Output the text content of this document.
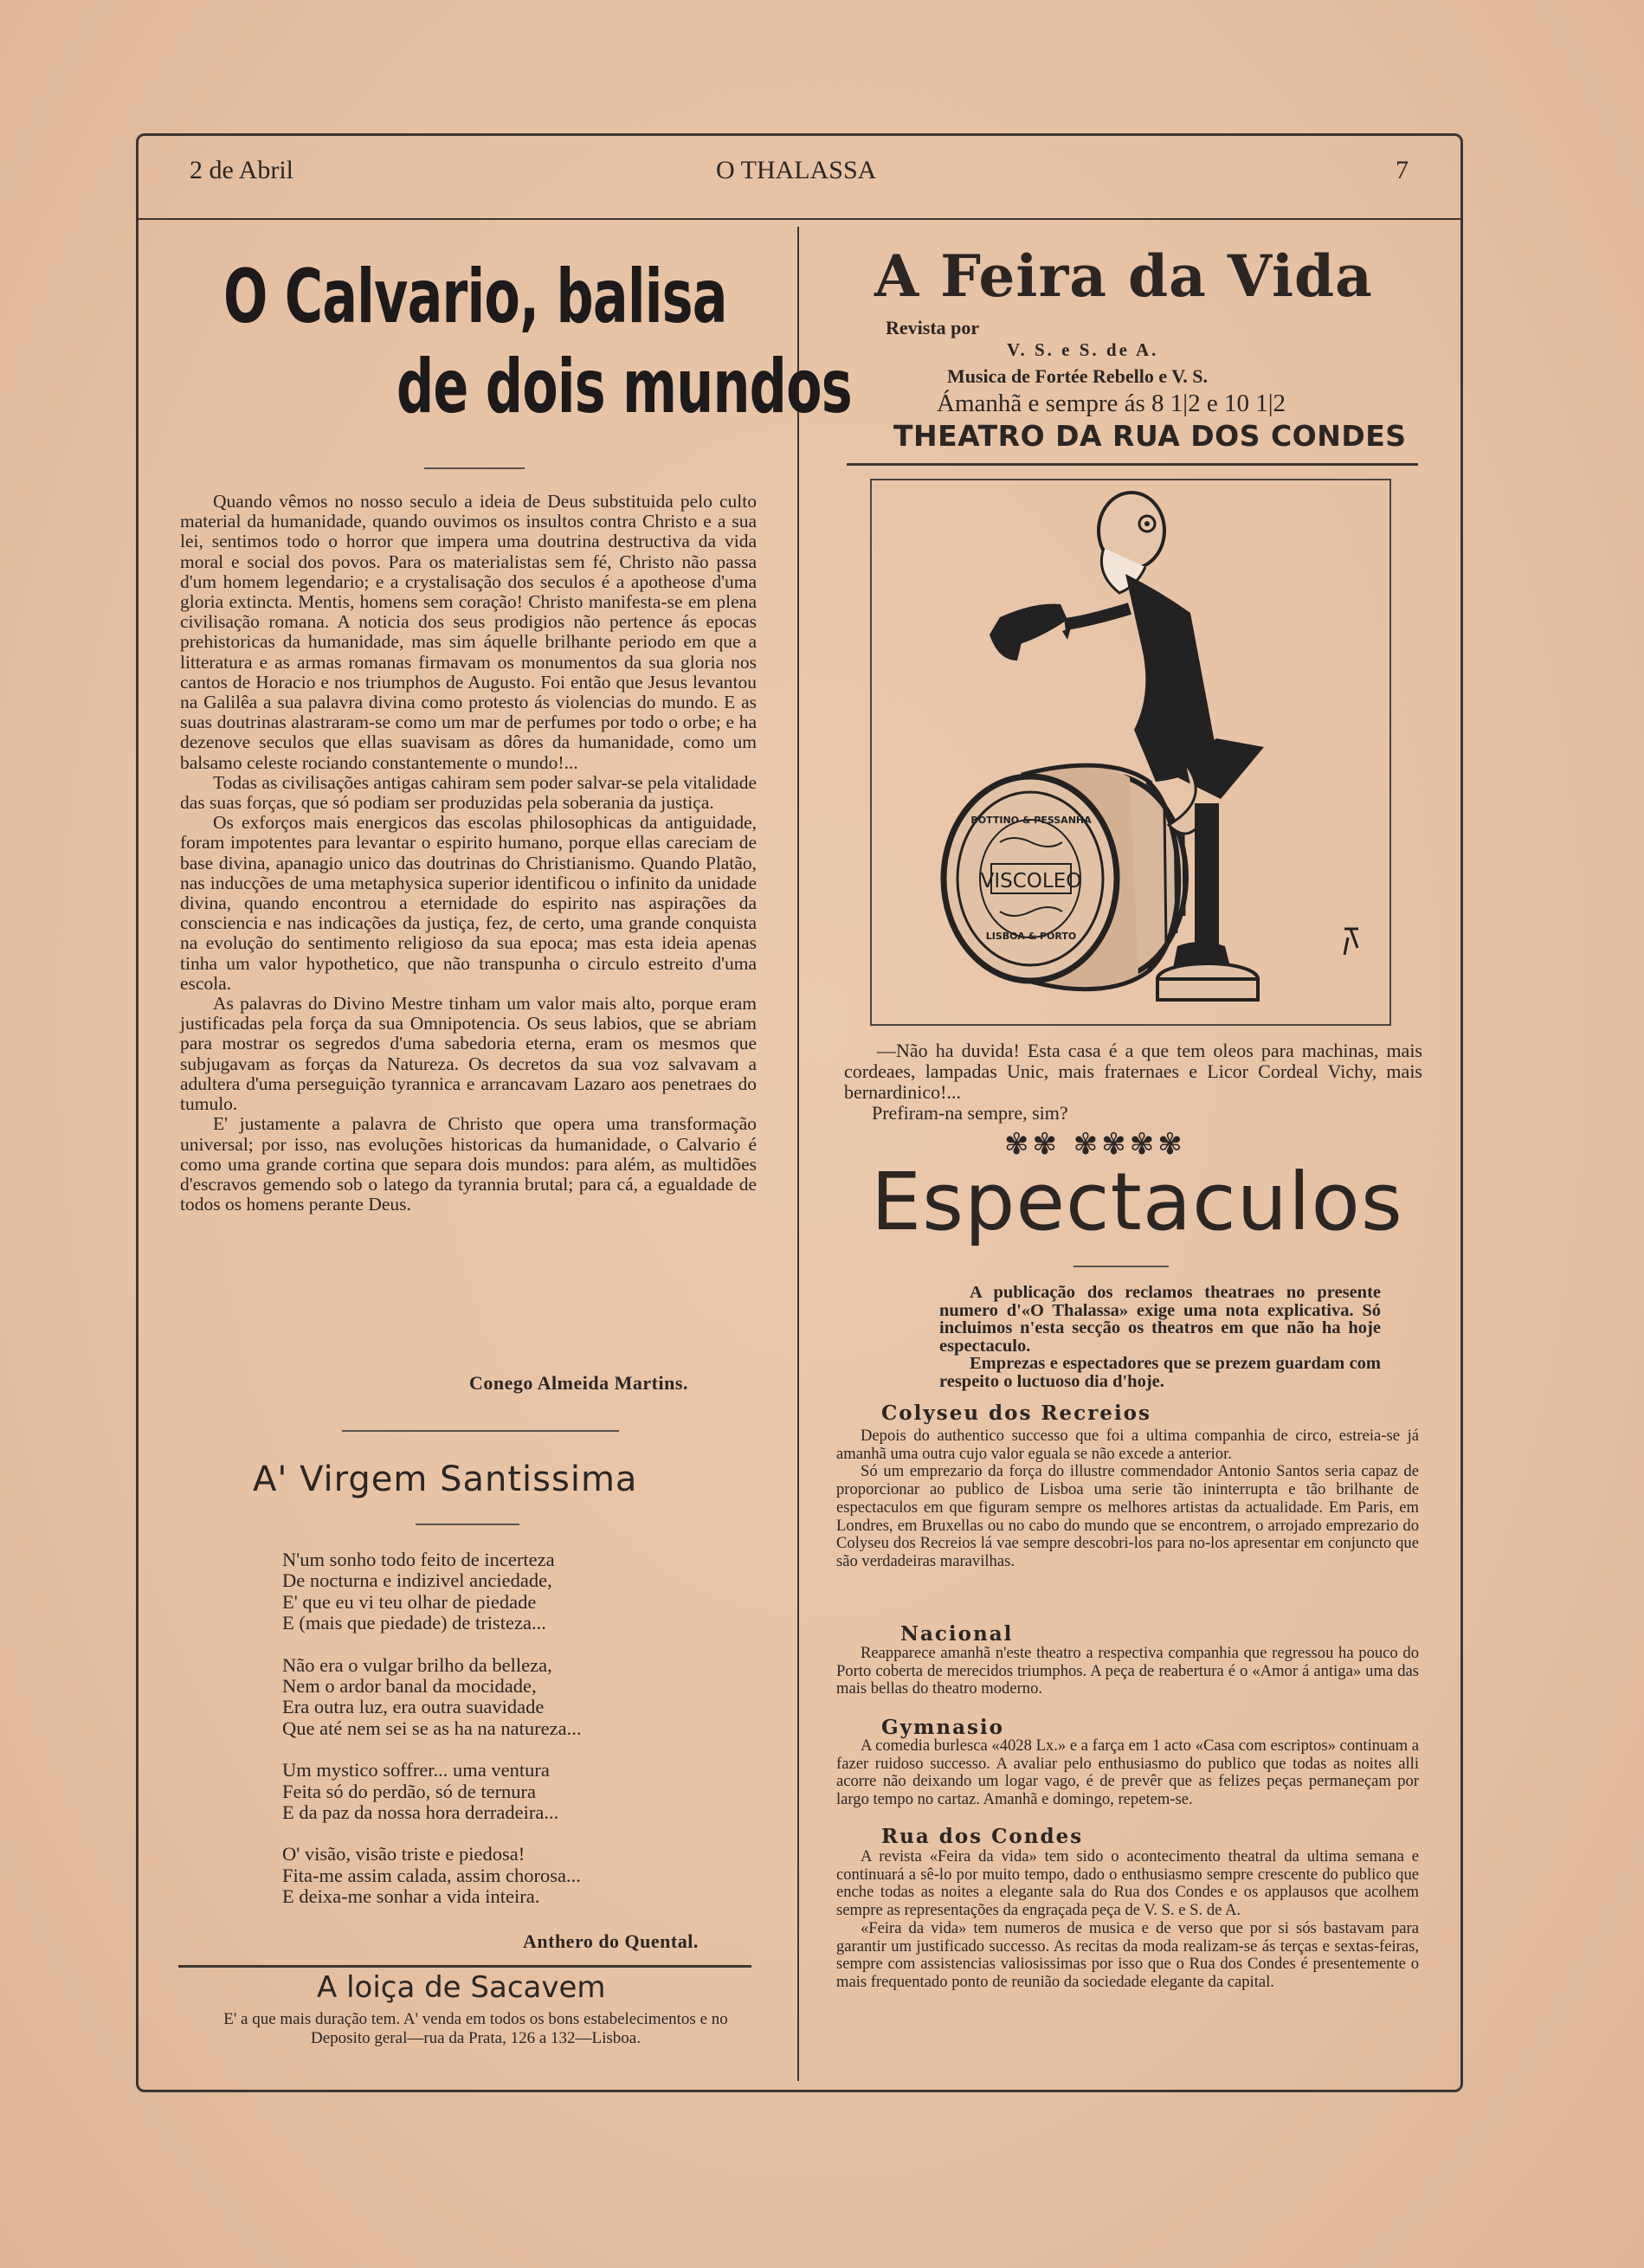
2 de Abril	O THALASSA	7
O Calvario, balisa
de dois mundos

Quando vêmos no nosso seculo a ideia de Deus substituida pelo culto material da humanidade, quando ouvimos os insultos contra Christo e a sua lei, sentimos todo o horror que impera uma doutrina destructiva da vida moral e social dos povos. Para os materialistas sem fé, Christo não passa d'um homem legendario; e a crystalisação dos seculos é a apotheose d'uma gloria extincta. Mentis, homens sem coração! Christo manifesta-se em plena civilisação romana. A noticia dos seus prodigios não pertence ás epocas prehistoricas da humanidade, mas sim áquelle brilhante periodo em que a litteratura e as armas romanas firmavam os monumentos da sua gloria nos cantos de Horacio e nos triumphos de Augusto. Foi então que Jesus levantou na Galilêa a sua palavra divina como protesto ás violencias do mundo. E as suas doutrinas alastraram-se como um mar de perfumes por todo o orbe; e ha dezenove seculos que ellas suavisam as dôres da humanidade, como um balsamo celeste rociando constantemente o mundo!...

Todas as civilisações antigas cahiram sem poder salvar-se pela vitalidade das suas forças, que só podiam ser produzidas pela soberania da justiça.

Os exforços mais energicos das escolas philosophicas da antiguidade, foram impotentes para levantar o espirito humano, porque ellas careciam de base divina, apanagio unico das doutrinas do Christianismo. Quando Platão, nas inducções de uma metaphysica superior identificou o infinito da unidade divina, quando encontrou a eternidade do espirito nas aspirações da consciencia e nas indicações da justiça, fez, de certo, uma grande conquista na evolução do sentimento religioso da sua epoca; mas esta ideia apenas tinha um valor hypothetico, que não transpunha o circulo estreito d'uma escola.

As palavras do Divino Mestre tinham um valor mais alto, porque eram justificadas pela força da sua Omnipotencia. Os seus labios, que se abriam para mostrar os segredos d'uma sabedoria eterna, eram os mesmos que subjugavam as forças da Natureza. Os decretos da sua voz salvavam a adultera d'uma perseguição tyrannica e arrancavam Lazaro aos penetraes do tumulo.

E' justamente a palavra de Christo que opera uma transformação universal; por isso, nas evoluções historicas da humanidade, o Calvario é como uma grande cortina que separa dois mundos: para além, as multidões d'escravos gemendo sob o latego da tyrannia brutal; para cá, a egualdade de todos os homens perante Deus.

Conego Almeida Martins.
A' Virgem Santissima
N'um sonho todo feito de incerteza
De nocturna e indizivel anciedade,
E' que eu vi teu olhar de piedade
E (mais que piedade) de tristeza...
Não era o vulgar brilho da belleza,
Nem o ardor banal da mocidade,
Era outra luz, era outra suavidade
Que até nem sei se as ha na natureza...
Um mystico soffrer... uma ventura
Feita só do perdão, só de ternura
E da paz da nossa hora derradeira...
O' visão, visão triste e piedosa!
Fita-me assim calada, assim chorosa...
E deixa-me sonhar a vida inteira.
Anthero do Quental.
A loiça de Sacavem
E' a que mais duração tem. A' venda em todos os bons estabelecimentos e no Deposito geral—rua da Prata, 126 a 132—Lisboa.
A Feira da Vida
Revista por
V. S. e S. de A.
Musica de Fortée Rebello e V. S.
Ámanhã e sempre ás 8 1|2 e 10 1|2
THEATRO DA RUA DOS CONDES
VISCOLEO
BOTTINO & PESSANHA
LISBOA & PORTO

—Não ha duvida! Esta casa é a que tem oleos para machinas, mais cordeaes, lampadas Unic, mais fraternaes e Licor Cordeal Vichy, mais bernardinico!...

Prefiram-na sempre, sim?

✾✾ ✾✾✾✾
Espectaculos

A publicação dos reclamos theatraes no presente numero d'«O Thalassa» exige uma nota explicativa. Só incluimos n'esta secção os theatros em que não ha hoje espectaculo.

Emprezas e espectadores que se prezem guardam com respeito o luctuoso dia d'hoje.

Colyseu dos Recreios

Depois do authentico successo que foi a ultima companhia de circo, estreia-se já amanhã uma outra cujo valor eguala se não excede a anterior.

Só um emprezario da força do illustre commendador Antonio Santos seria capaz de proporcionar ao publico de Lisboa uma serie tão ininterrupta e tão brilhante de espectaculos em que figuram sempre os melhores artistas da actualidade. Em Paris, em Londres, em Bruxellas ou no cabo do mundo que se encontrem, o arrojado emprezario do Colyseu dos Recreios lá vae sempre descobri-los para no-los apresentar em conjuncto que são verdadeiras maravilhas.

Nacional

Reapparece amanhã n'este theatro a respectiva companhia que regressou ha pouco do Porto coberta de merecidos triumphos. A peça de reabertura é o «Amor á antiga» uma das mais bellas do theatro moderno.

Gymnasio

A comedia burlesca «4028 Lx.» e a farça em 1 acto «Casa com escriptos» continuam a fazer ruidoso successo. A avaliar pelo enthusiasmo do publico que todas as noites alli acorre não deixando um logar vago, é de prevêr que as felizes peças permaneçam por largo tempo no cartaz. Amanhã e domingo, repetem-se.

Rua dos Condes

A revista «Feira da vida» tem sido o acontecimento theatral da ultima semana e continuará a sê-lo por muito tempo, dado o enthusiasmo sempre crescente do publico que enche todas as noites a elegante sala do Rua dos Condes e os applausos que acolhem sempre as representações da engraçada peça de V. S. e S. de A.

«Feira da vida» tem numeros de musica e de verso que por si sós bastavam para garantir um justificado successo. As recitas da moda realizam-se ás terças e sextas-feiras, sempre com assistencias valiosissimas por isso que o Rua dos Condes é presentemente o mais frequentado ponto de reunião da sociedade elegante da capital.
